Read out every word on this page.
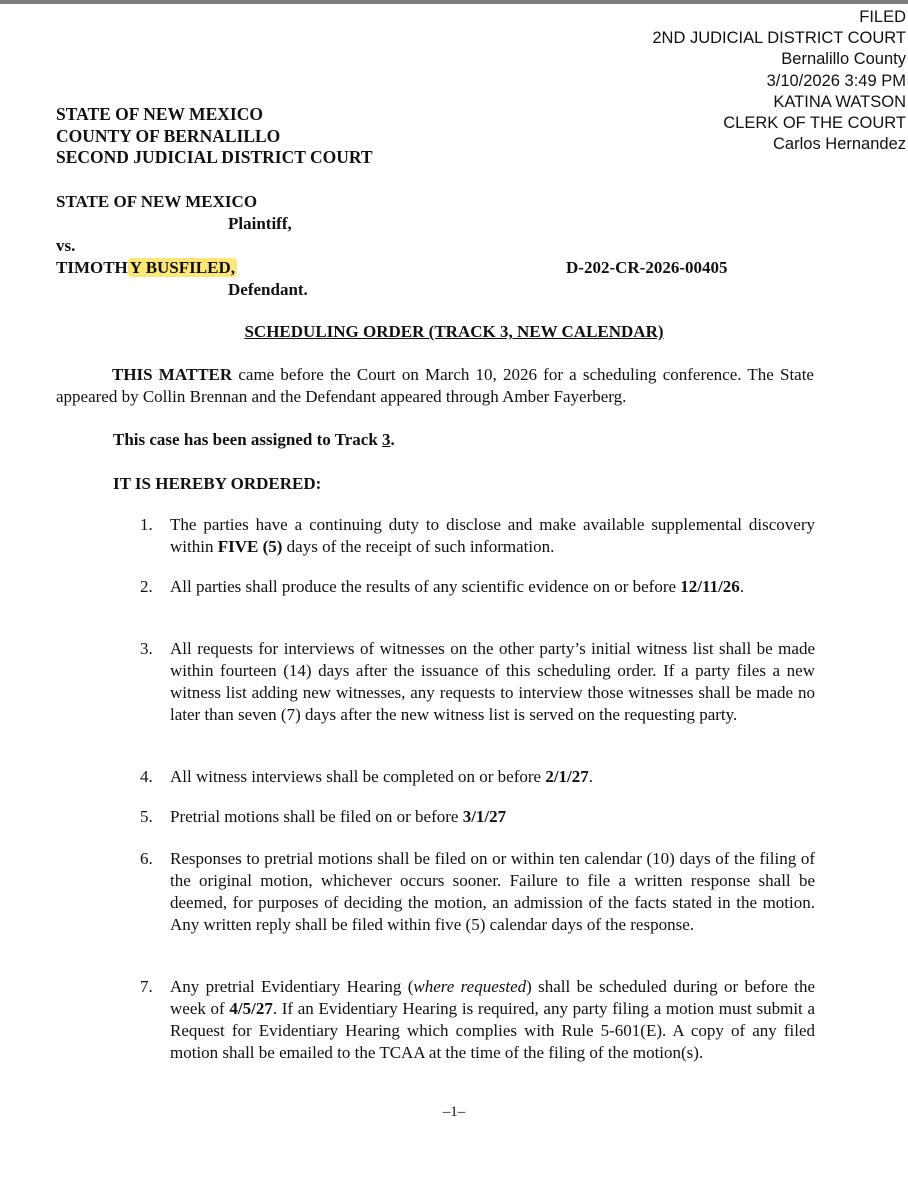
FILED
2ND JUDICIAL DISTRICT COURT
Bernalillo County
3/10/2026 3:49 PM
KATINA WATSON
CLERK OF THE COURT
Carlos Hernandez
STATE OF NEW MEXICO
COUNTY OF BERNALILLO
SECOND JUDICIAL DISTRICT COURT
STATE OF NEW MEXICO
Plaintiff,
vs.
TIMOTH Y BUSFILED,	D-202-CR-2026-00405
Defendant.
SCHEDULING ORDER (TRACK 3, NEW CALENDAR)
THIS MATTER came before the Court on March 10, 2026 for a scheduling conference. The State appeared by Collin Brennan and the Defendant appeared through Amber Fayerberg.
This case has been assigned to Track 3.
IT IS HEREBY ORDERED:
1.	The parties have a continuing duty to disclose and make available supplemental discovery within FIVE (5) days of the receipt of such information.
2.	All parties shall produce the results of any scientific evidence on or before 12/11/26.
3.	All requests for interviews of witnesses on the other party’s initial witness list shall be made within fourteen (14) days after the issuance of this scheduling order. If a party files a new witness list adding new witnesses, any requests to interview those witnesses shall be made no later than seven (7) days after the new witness list is served on the requesting party.
4.	All witness interviews shall be completed on or before 2/1/27.
5.	Pretrial motions shall be filed on or before 3/1/27
6.	Responses to pretrial motions shall be filed on or within ten calendar (10) days of the filing of the original motion, whichever occurs sooner. Failure to file a written response shall be deemed, for purposes of deciding the motion, an admission of the facts stated in the motion. Any written reply shall be filed within five (5) calendar days of the response.
7.	Any pretrial Evidentiary Hearing (where requested) shall be scheduled during or before the week of 4/5/27. If an Evidentiary Hearing is required, any party filing a motion must submit a Request for Evidentiary Hearing which complies with Rule 5-601(E). A copy of any filed motion shall be emailed to the TCAA at the time of the filing of the motion(s).
–1–
